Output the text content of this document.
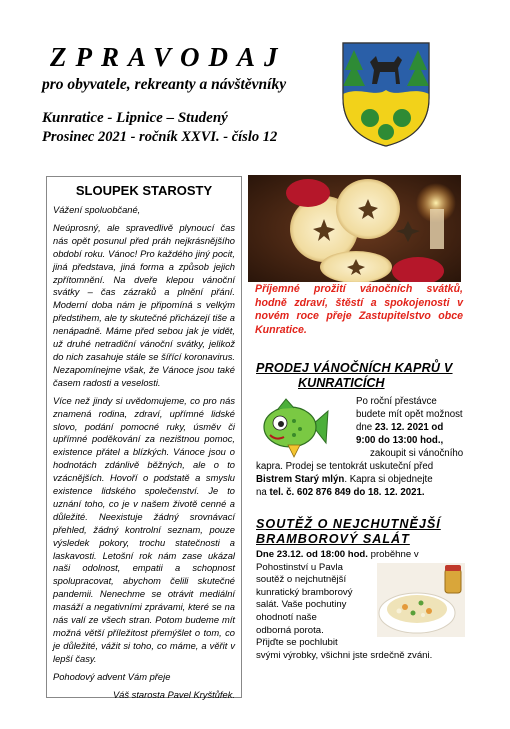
ZPRAVODAJ
pro obyvatele, rekreanty a návštěvníky
Kunratice - Lipnice – Studený
Prosinec 2021 - ročník XXVI. - číslo 12
SLOUPEK STAROSTY

Vážení spoluobčané,

Neúprosný, ale spravedlivě plynoucí čas nás opět posunul před práh nejkrásnějšího období roku. Vánoc! Pro každého jiný pocit, jiná představa, jiná forma a způsob jejich zpřítomnění. Na dveře klepou vánoční svátky – čas zázraků a plnění přání. Moderní doba nám je připomíná s velkým předstihem, ale ty skutečné přicházejí tiše a nenápadně. Máme před sebou jak je vidět, už druhé netradiční vánoční svátky, jelikož do nich zasahuje stále se šířící koronavirus. Nezapomínejme však, že Vánoce jsou také časem radosti a veselosti.

Více než jindy si uvědomujeme, co pro nás znamená rodina, zdraví, upřímné lidské slovo, podání pomocné ruky, úsměv či upřímné poděkování za nezištnou pomoc, existence přátel a blízkých. Vánoce jsou o hodnotách zdánlivě běžných, ale o to vzácnějších. Hovoří o podstatě a smyslu existence lidského společenství. Je to uznání toho, co je v našem životě cenné a důležité. Neexistuje žádný srovnávací přehled, žádný kontrolní seznam, pouze výsledek pokory, trochu statečnosti a laskavosti. Letošní rok nám zase ukázal naši odolnost, empatii a schopnost spolupracovat, abychom čelili skutečné pandemii. Nenechme se otrávit mediální masáží a negativními zprávami, které se na nás valí ze všech stran. Potom budeme mít možná větší příležitost přemýšlet o tom, co je důležité, vážit si toho, co máme, a věřit v lepší časy.

Pohodový advent Vám přeje

Váš starosta Pavel Kryštůfek.

Příjemné prožití vánočních svátků, hodně zdraví, štěstí a spokojenosti v novém roce přeje Zastupitelstvo obce Kunratice.
PRODEJ VÁNOČNÍCH KAPRŮ V
KUNRATICÍCH
Po roční přestávce
budete mít opět možnost
dne 23. 12. 2021 od
9:00 do 13:00 hod.,
zakoupit si vánočního
kapra. Prodej se tentokrát uskuteční před
Bistrem Starý mlýn. Kapra si objednejte
na tel. č. 602 876 849 do 18. 12. 2021.
SOUTĚŽ O NEJCHUTNĚJŠÍ
BRAMBOROVÝ SALÁT
Dne 23.12. od 18:00 hod. proběhne v
Pohostinství u Pavla
soutěž o nejchutnější
kunratický bramborový
salát. Vaše pochutiny
ohodnotí naše
odborná porota.
Přijďte se pochlubit
svými výrobky, všichni jste srdečně zváni.
